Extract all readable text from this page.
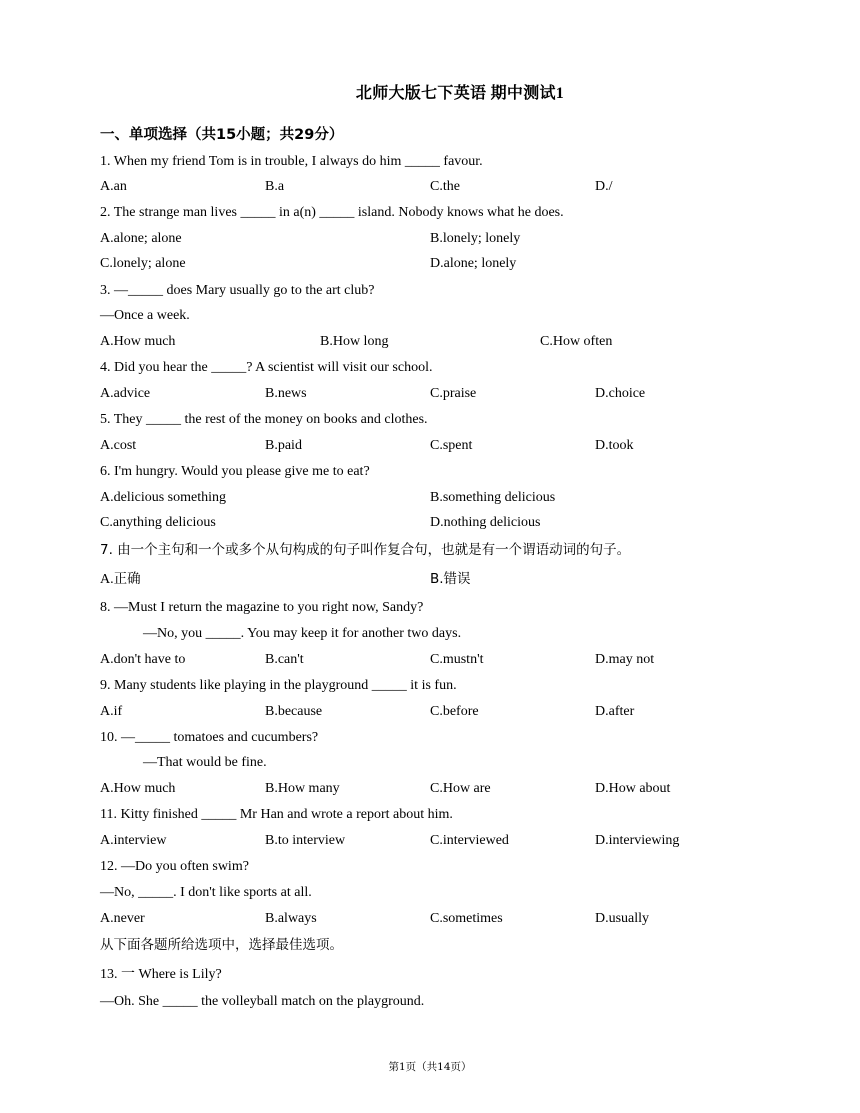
北师大版七下英语 期中测试1
一、单项选择（共15小题；共29分）
1. When my friend Tom is in trouble, I always do him _____ favour.
A.an	B.a	C.the	D./
2. The strange man lives _____ in a(n) _____ island. Nobody knows what he does.
A.alone; alone	B.lonely; lonely
C.lonely; alone	D.alone; lonely
3. —_____ does Mary usually go to the art club?
—Once a week.
A.How much	B.How long	C.How often
4. Did you hear the _____? A scientist will visit our school.
A.advice	B.news	C.praise	D.choice
5. They _____ the rest of the money on books and clothes.
A.cost	B.paid	C.spent	D.took
6. I'm hungry. Would you please give me to eat?
A.delicious something	B.something delicious
C.anything delicious	D.nothing delicious
7. 由一个主句和一个或多个从句构成的句子叫作复合句，也就是有一个谓语动词的句子。
A.正确	B.错误
8. —Must I return the magazine to you right now, Sandy?
—No, you _____. You may keep it for another two days.
A.don't have to	B.can't	C.mustn't	D.may not
9. Many students like playing in the playground _____ it is fun.
A.if	B.because	C.before	D.after
10. —_____ tomatoes and cucumbers?
—That would be fine.
A.How much	B.How many	C.How are	D.How about
11. Kitty finished _____ Mr Han and wrote a report about him.
A.interview	B.to interview	C.interviewed	D.interviewing
12. —Do you often swim?
—No, _____. I don't like sports at all.
A.never	B.always	C.sometimes	D.usually
从下面各题所给选项中，选择最佳选项。
13. 一 Where is Lily?
—Oh. She _____ the volleyball match on the playground.
第1页（共14页）
